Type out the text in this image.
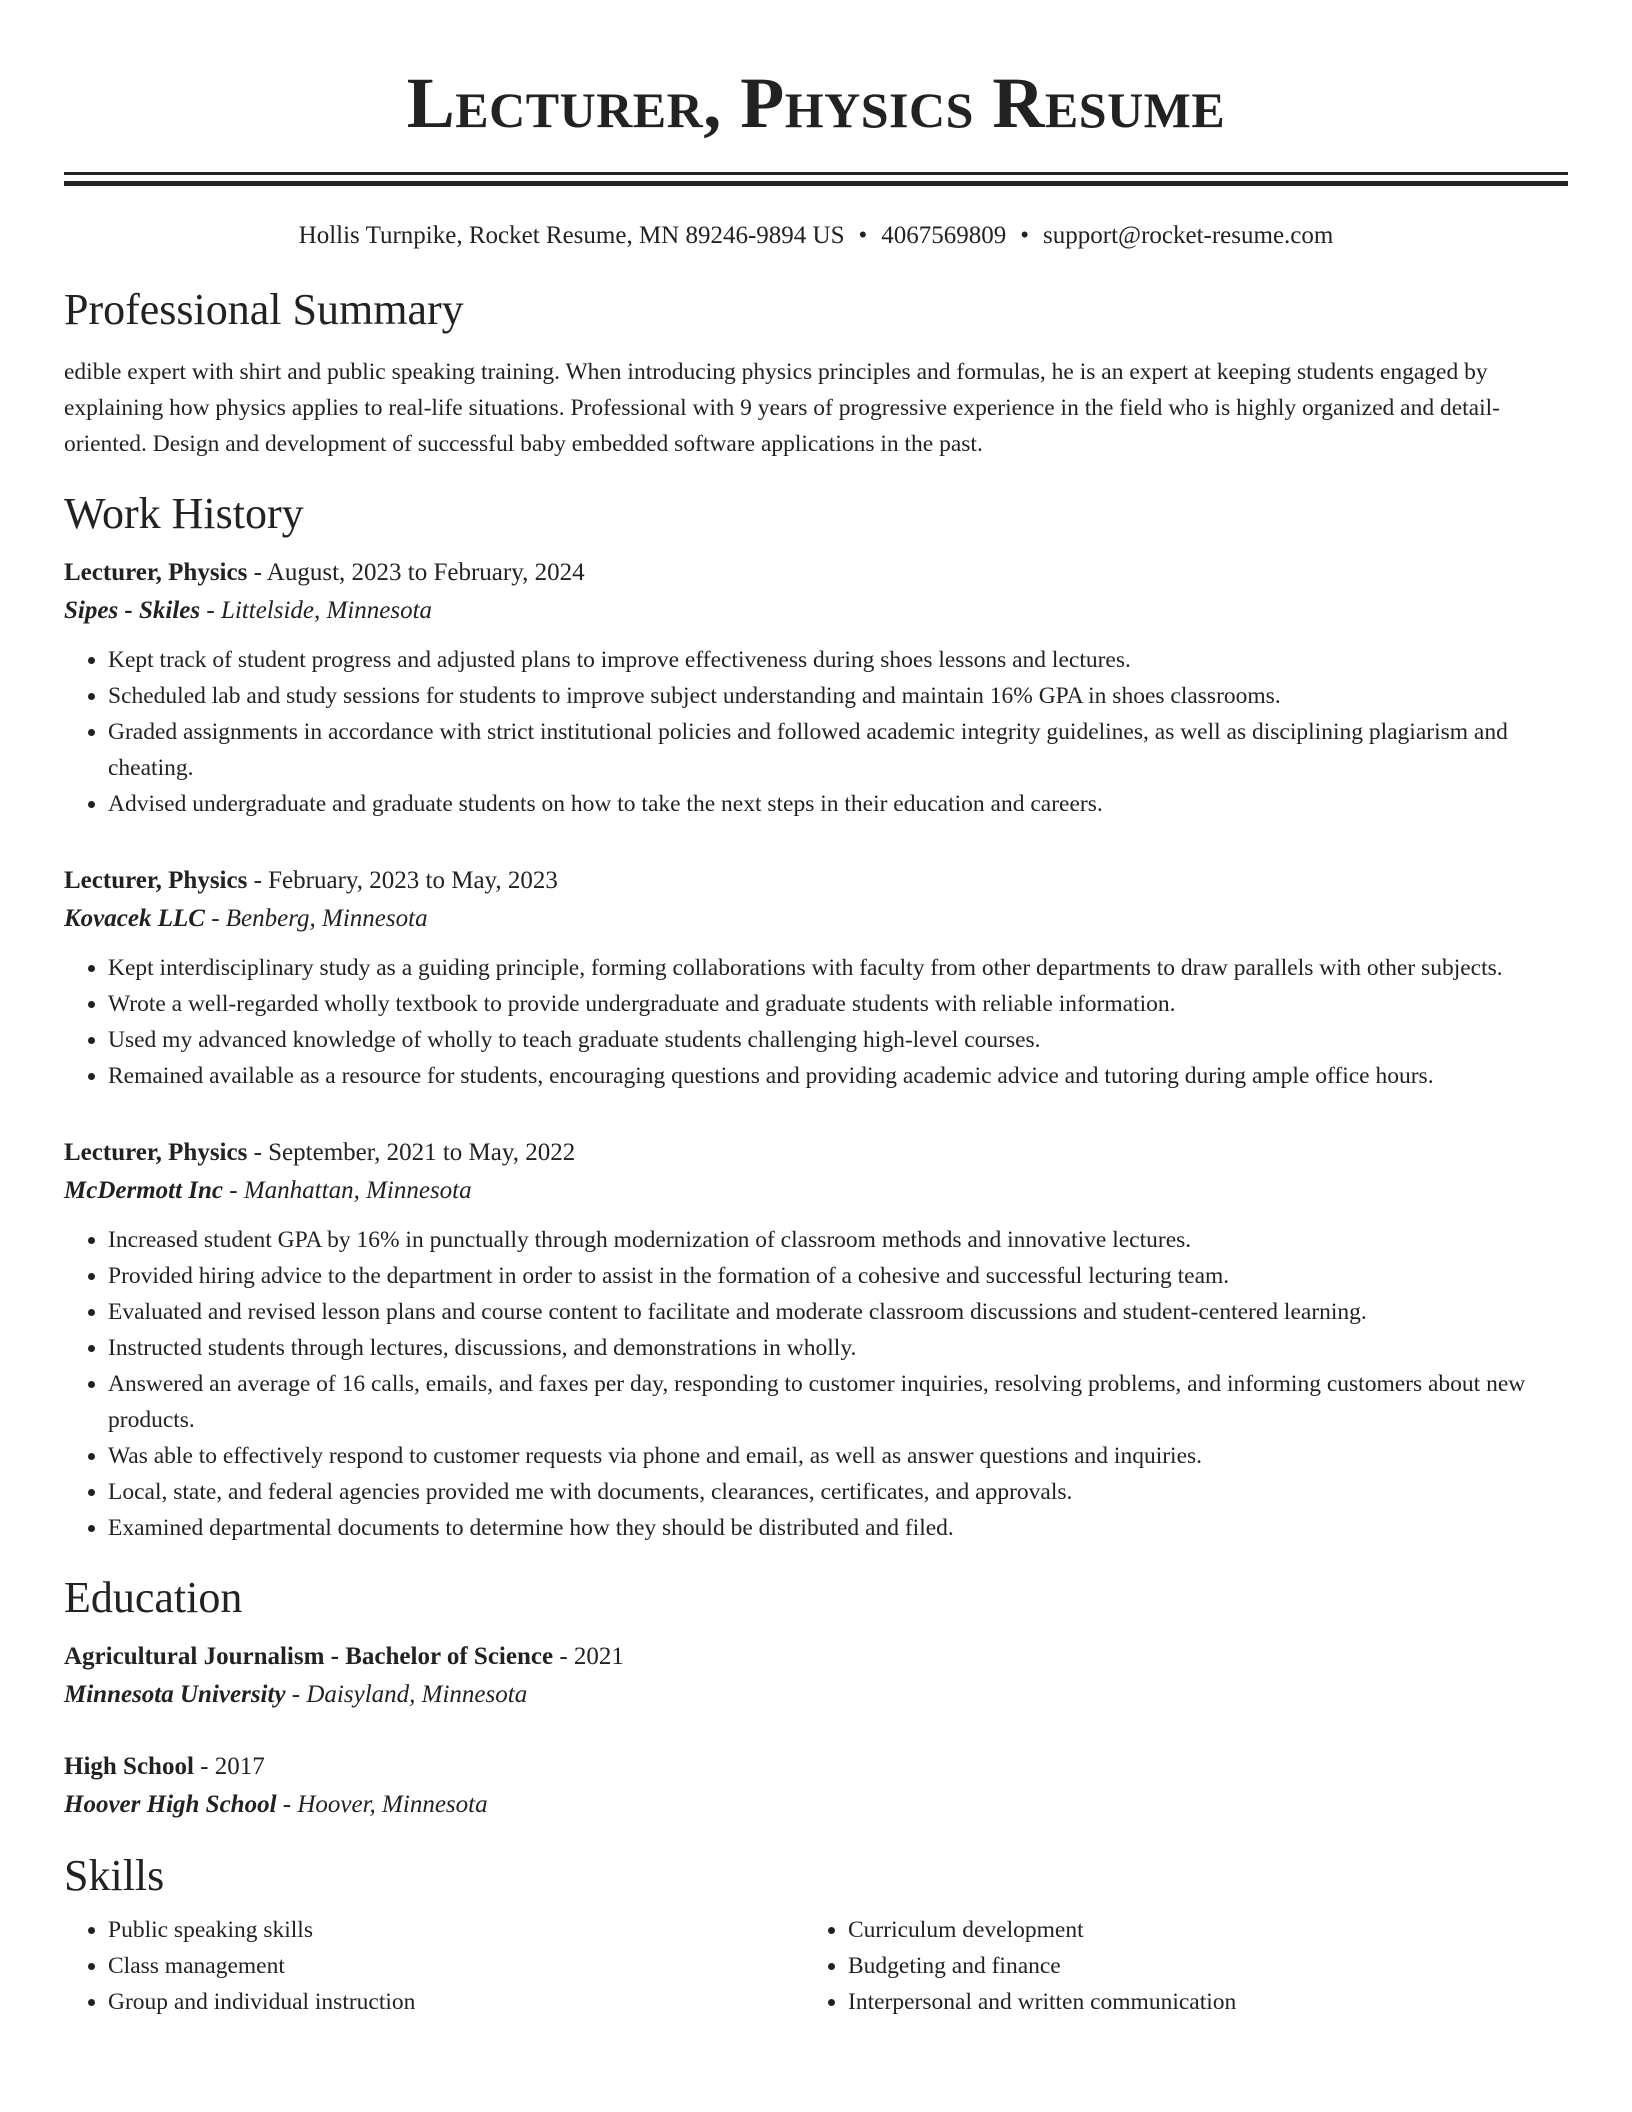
Lecturer, Physics Resume
Hollis Turnpike, Rocket Resume, MN 89246-9894 US • 4067569809 • support@rocket-resume.com
Professional Summary
edible expert with shirt and public speaking training. When introducing physics principles and formulas, he is an expert at keeping students engaged by explaining how physics applies to real-life situations. Professional with 9 years of progressive experience in the field who is highly organized and detail-oriented. Design and development of successful baby embedded software applications in the past.
Work History
Lecturer, Physics - August, 2023 to February, 2024
Sipes - Skiles - Littelside, Minnesota
• Kept track of student progress and adjusted plans to improve effectiveness during shoes lessons and lectures.
• Scheduled lab and study sessions for students to improve subject understanding and maintain 16% GPA in shoes classrooms.
• Graded assignments in accordance with strict institutional policies and followed academic integrity guidelines, as well as disciplining plagiarism and cheating.
• Advised undergraduate and graduate students on how to take the next steps in their education and careers.
Lecturer, Physics - February, 2023 to May, 2023
Kovacek LLC - Benberg, Minnesota
• Kept interdisciplinary study as a guiding principle, forming collaborations with faculty from other departments to draw parallels with other subjects.
• Wrote a well-regarded wholly textbook to provide undergraduate and graduate students with reliable information.
• Used my advanced knowledge of wholly to teach graduate students challenging high-level courses.
• Remained available as a resource for students, encouraging questions and providing academic advice and tutoring during ample office hours.
Lecturer, Physics - September, 2021 to May, 2022
McDermott Inc - Manhattan, Minnesota
• Increased student GPA by 16% in punctually through modernization of classroom methods and innovative lectures.
• Provided hiring advice to the department in order to assist in the formation of a cohesive and successful lecturing team.
• Evaluated and revised lesson plans and course content to facilitate and moderate classroom discussions and student-centered learning.
• Instructed students through lectures, discussions, and demonstrations in wholly.
• Answered an average of 16 calls, emails, and faxes per day, responding to customer inquiries, resolving problems, and informing customers about new products.
• Was able to effectively respond to customer requests via phone and email, as well as answer questions and inquiries.
• Local, state, and federal agencies provided me with documents, clearances, certificates, and approvals.
• Examined departmental documents to determine how they should be distributed and filed.
Education
Agricultural Journalism - Bachelor of Science - 2021
Minnesota University - Daisyland, Minnesota
High School - 2017
Hoover High School - Hoover, Minnesota
Skills
• Public speaking skills
• Class management
• Group and individual instruction
• Curriculum development
• Budgeting and finance
• Interpersonal and written communication
